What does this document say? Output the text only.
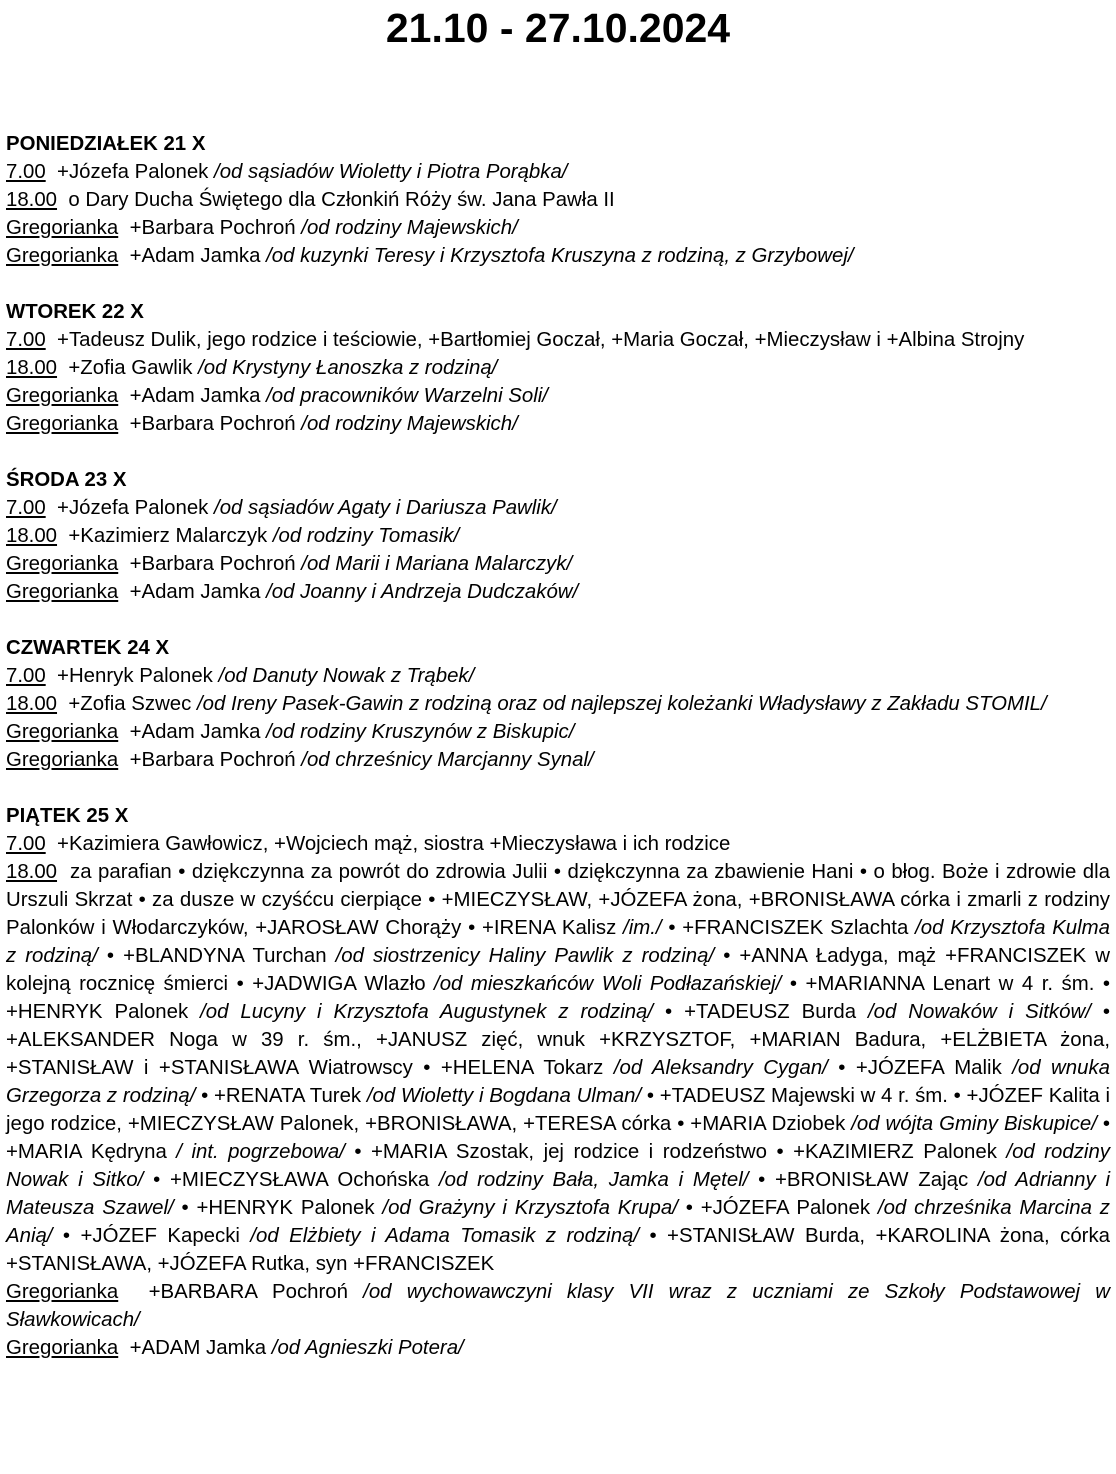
21.10 - 27.10.2024
PONIEDZIAŁEK 21 X
7.00 +Józefa Palonek /od sąsiadów Wioletty i Piotra Porąbka/
18.00 o Dary Ducha Świętego dla Członkiń Róży św. Jana Pawła II
Gregorianka +Barbara Pochroń /od rodziny Majewskich/
Gregorianka +Adam Jamka /od kuzynki Teresy i Krzysztofa Kruszyna z rodziną, z Grzybowej/
WTOREK 22 X
7.00 +Tadeusz Dulik, jego rodzice i teściowie, +Bartłomiej Goczał, +Maria Goczał, +Mieczysław i +Albina Strojny
18.00 +Zofia Gawlik /od Krystyny Łanoszka z rodziną/
Gregorianka +Adam Jamka /od pracowników Warzelni Soli/
Gregorianka +Barbara Pochroń /od rodziny Majewskich/
ŚRODA 23 X
7.00 +Józefa Palonek /od sąsiadów Agaty i Dariusza Pawlik/
18.00 +Kazimierz Malarczyk /od rodziny Tomasik/
Gregorianka +Barbara Pochroń /od Marii i Mariana Malarczyk/
Gregorianka +Adam Jamka /od Joanny i Andrzeja Dudczaków/
CZWARTEK 24 X
7.00 +Henryk Palonek /od Danuty Nowak z Trąbek/
18.00 +Zofia Szwec /od Ireny Pasek-Gawin z rodziną oraz od najlepszej koleżanki Władysławy z Zakładu STOMIL/
Gregorianka +Adam Jamka /od rodziny Kruszynów z Biskupic/
Gregorianka +Barbara Pochroń /od chrześnicy Marcjanny Synal/
PIĄTEK 25 X
7.00 +Kazimiera Gawłowicz, +Wojciech mąż, siostra +Mieczysława i ich rodzice
18.00 za parafian • dziękczynna za powrót do zdrowia Julii • dziękczynna za zbawienie Hani • o błog. Boże i zdrowie dla Urszuli Skrzat • za dusze w czyśćcu cierpiące • +MIECZYSŁAW, +JÓZEFA żona, +BRONISŁAWA córka i zmarli z rodziny Palonków i Włodarczyków, +JAROSŁAW Chorąży • +IRENA Kalisz /im./ • +FRANCISZEK Szlachta /od Krzysztofa Kulma z rodziną/ • +BLANDYNA Turchan /od siostrzenicy Haliny Pawlik z rodziną/ • +ANNA Ładyga, mąż +FRANCISZEK w kolejną rocznicę śmierci • +JADWIGA Wlazło /od mieszkańców Woli Podłazańskiej/ • +MARIANNA Lenart w 4 r. śm. • +HENRYK Palonek /od Lucyny i Krzysztofa Augustynek z rodziną/ • +TADEUSZ Burda /od Nowaków i Sitków/ • +ALEKSANDER Noga w 39 r. śm., +JANUSZ zięć, wnuk +KRZYSZTOF, +MARIAN Badura, +ELŻBIETA żona, +STANISŁAW i +STANISŁAWA Wiatrowscy • +HELENA Tokarz /od Aleksandry Cygan/ • +JÓZEFA Malik /od wnuka Grzegorza z rodziną/ • +RENATA Turek /od Wioletty i Bogdana Ulman/ • +TADEUSZ Majewski w 4 r. śm. • +JÓZEF Kalita i jego rodzice, +MIECZYSŁAW Palonek, +BRONISŁAWA, +TERESA córka • +MARIA Dziobek /od wójta Gminy Biskupice/ • +MARIA Kędryna / int. pogrzebowa/ • +MARIA Szostak, jej rodzice i rodzeństwo • +KAZIMIERZ Palonek /od rodziny Nowak i Sitko/ • +MIECZYSŁAWA Ochońska /od rodziny Bała, Jamka i Mętel/ • +BRONISŁAW Zając /od Adrianny i Mateusza Szawel/ • +HENRYK Palonek /od Grażyny i Krzysztofa Krupa/ • +JÓZEFA Palonek /od chrześnika Marcina z Anią/ • +JÓZEF Kapecki /od Elżbiety i Adama Tomasik z rodziną/ • +STANISŁAW Burda, +KAROLINA żona, córka +STANISŁAWA, +JÓZEFA Rutka, syn +FRANCISZEK
Gregorianka +BARBARA Pochroń /od wychowawczyni klasy VII wraz z uczniami ze Szkoły Podstawowej w Sławkowicach/
Gregorianka +ADAM Jamka /od Agnieszki Potera/
